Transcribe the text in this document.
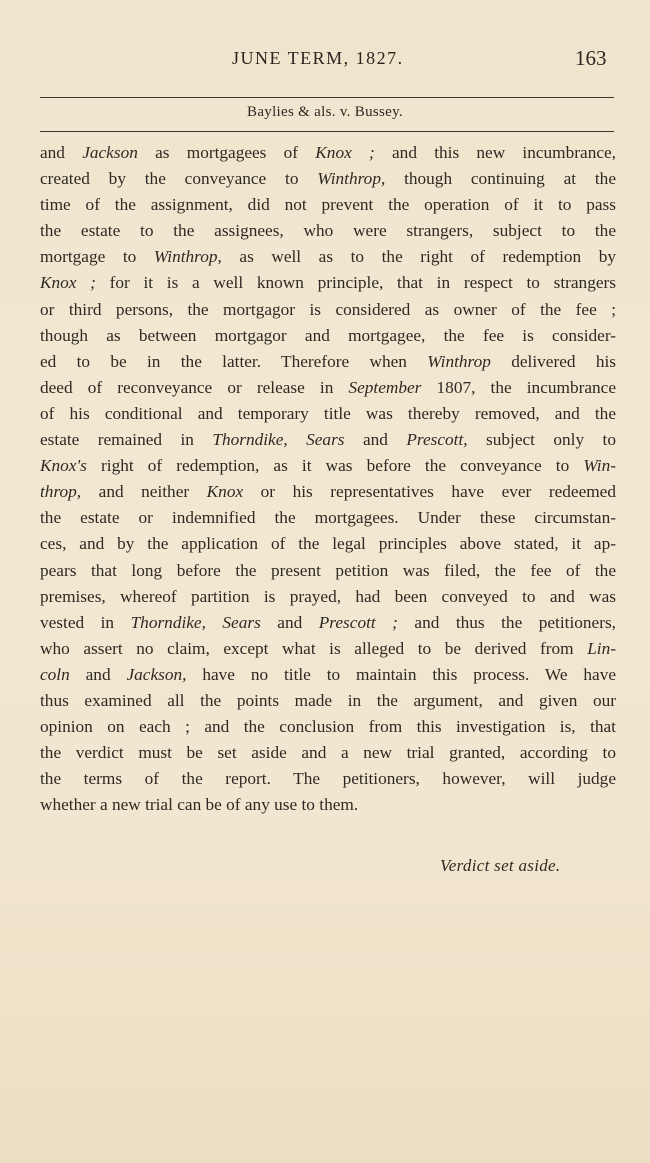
JUNE TERM, 1827.	163
Baylies & als. v. Bussey.
and Jackson as mortgagees of Knox ; and this new incumbrance,
created by the conveyance to Winthrop, though continuing at the
time of the assignment, did not prevent the operation of it to pass
the estate to the assignees, who were strangers, subject to the
mortgage to Winthrop, as well as to the right of redemption by
Knox ; for it is a well known principle, that in respect to strangers
or third persons, the mortgagor is considered as owner of the fee ;
though as between mortgagor and mortgagee, the fee is consider-
ed to be in the latter. Therefore when Winthrop delivered his
deed of reconveyance or release in September 1807, the incumbrance
of his conditional and temporary title was thereby removed, and the
estate remained in Thorndike, Sears and Prescott, subject only to
Knox's right of redemption, as it was before the conveyance to Win-
throp, and neither Knox or his representatives have ever redeemed
the estate or indemnified the mortgagees. Under these circumstan-
ces, and by the application of the legal principles above stated, it ap-
pears that long before the present petition was filed, the fee of the
premises, whereof partition is prayed, had been conveyed to and was
vested in Thorndike, Sears and Prescott ; and thus the petitioners,
who assert no claim, except what is alleged to be derived from Lin-
coln and Jackson, have no title to maintain this process. We have
thus examined all the points made in the argument, and given our
opinion on each ; and the conclusion from this investigation is, that
the verdict must be set aside and a new trial granted, according to
the terms of the report. The petitioners, however, will judge
whether a new trial can be of any use to them.
Verdict set aside.
